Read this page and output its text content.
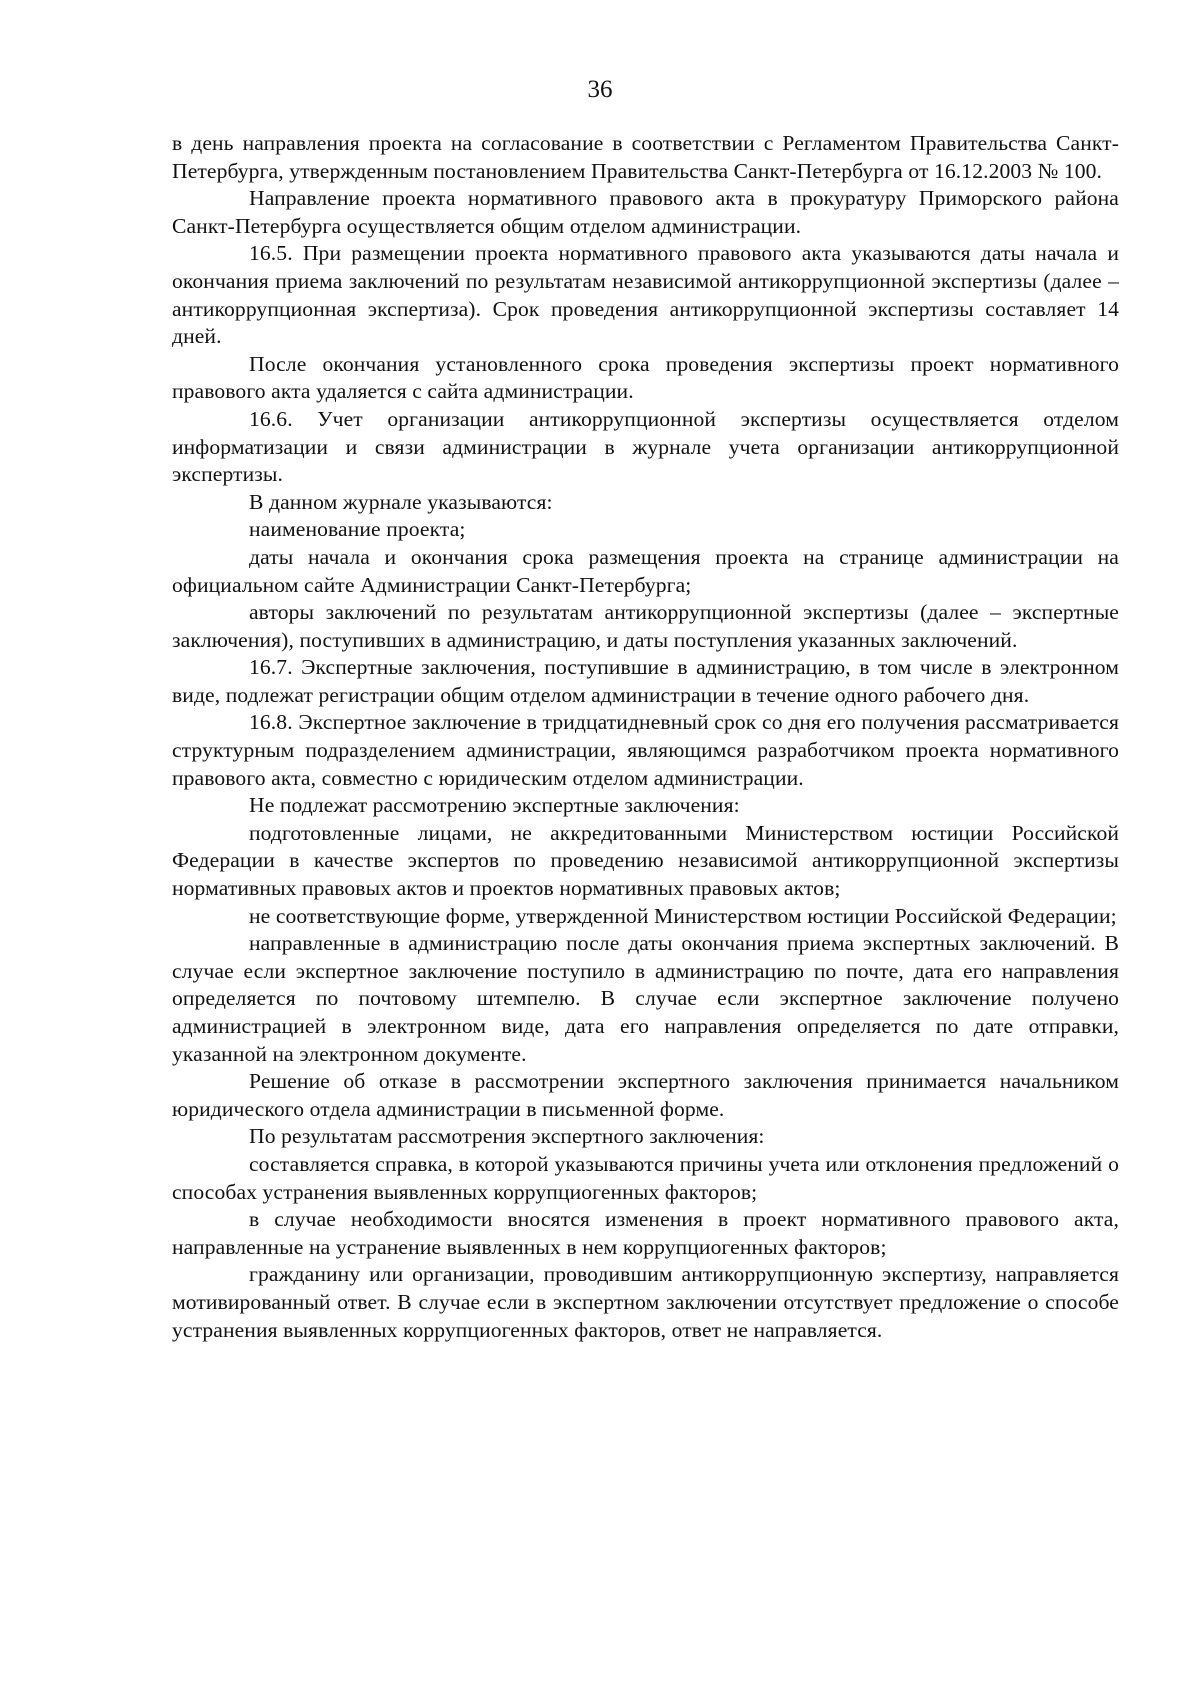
36

в день направления проекта на согласование в соответствии с Регламентом Правительства Санкт-Петербурга, утвержденным постановлением Правительства Санкт-Петербурга от 16.12.2003 № 100.

Направление проекта нормативного правового акта в прокуратуру Приморского района Санкт-Петербурга осуществляется общим отделом администрации.

16.5. При размещении проекта нормативного правового акта указываются даты начала и окончания приема заключений по результатам независимой антикоррупционной экспертизы (далее – антикоррупционная экспертиза). Срок проведения антикоррупционной экспертизы составляет 14 дней.

После окончания установленного срока проведения экспертизы проект нормативного правового акта удаляется с сайта администрации.

16.6. Учет организации антикоррупционной экспертизы осуществляется отделом информатизации и связи администрации в журнале учета организации антикоррупционной экспертизы.

В данном журнале указываются:

наименование проекта;

даты начала и окончания срока размещения проекта на странице администрации на официальном сайте Администрации Санкт-Петербурга;

авторы заключений по результатам антикоррупционной экспертизы (далее – экспертные заключения), поступивших в администрацию, и даты поступления указанных заключений.

16.7. Экспертные заключения, поступившие в администрацию, в том числе в электронном виде, подлежат регистрации общим отделом администрации в течение одного рабочего дня.

16.8. Экспертное заключение в тридцатидневный срок со дня его получения рассматривается структурным подразделением администрации, являющимся разработчиком проекта нормативного правового акта, совместно с юридическим отделом администрации.

Не подлежат рассмотрению экспертные заключения:

подготовленные лицами, не аккредитованными Министерством юстиции Российской Федерации в качестве экспертов по проведению независимой антикоррупционной экспертизы нормативных правовых актов и проектов нормативных правовых актов;

не соответствующие форме, утвержденной Министерством юстиции Российской Федерации;

направленные в администрацию после даты окончания приема экспертных заключений. В случае если экспертное заключение поступило в администрацию по почте, дата его направления определяется по почтовому штемпелю. В случае если экспертное заключение получено администрацией в электронном виде, дата его направления определяется по дате отправки, указанной на электронном документе.

Решение об отказе в рассмотрении экспертного заключения принимается начальником юридического отдела администрации в письменной форме.

По результатам рассмотрения экспертного заключения:

составляется справка, в которой указываются причины учета или отклонения предложений о способах устранения выявленных коррупциогенных факторов;

в случае необходимости вносятся изменения в проект нормативного правового акта, направленные на устранение выявленных в нем коррупциогенных факторов;

гражданину или организации, проводившим антикоррупционную экспертизу, направляется мотивированный ответ. В случае если в экспертном заключении отсутствует предложение о способе устранения выявленных коррупциогенных факторов, ответ не направляется.
